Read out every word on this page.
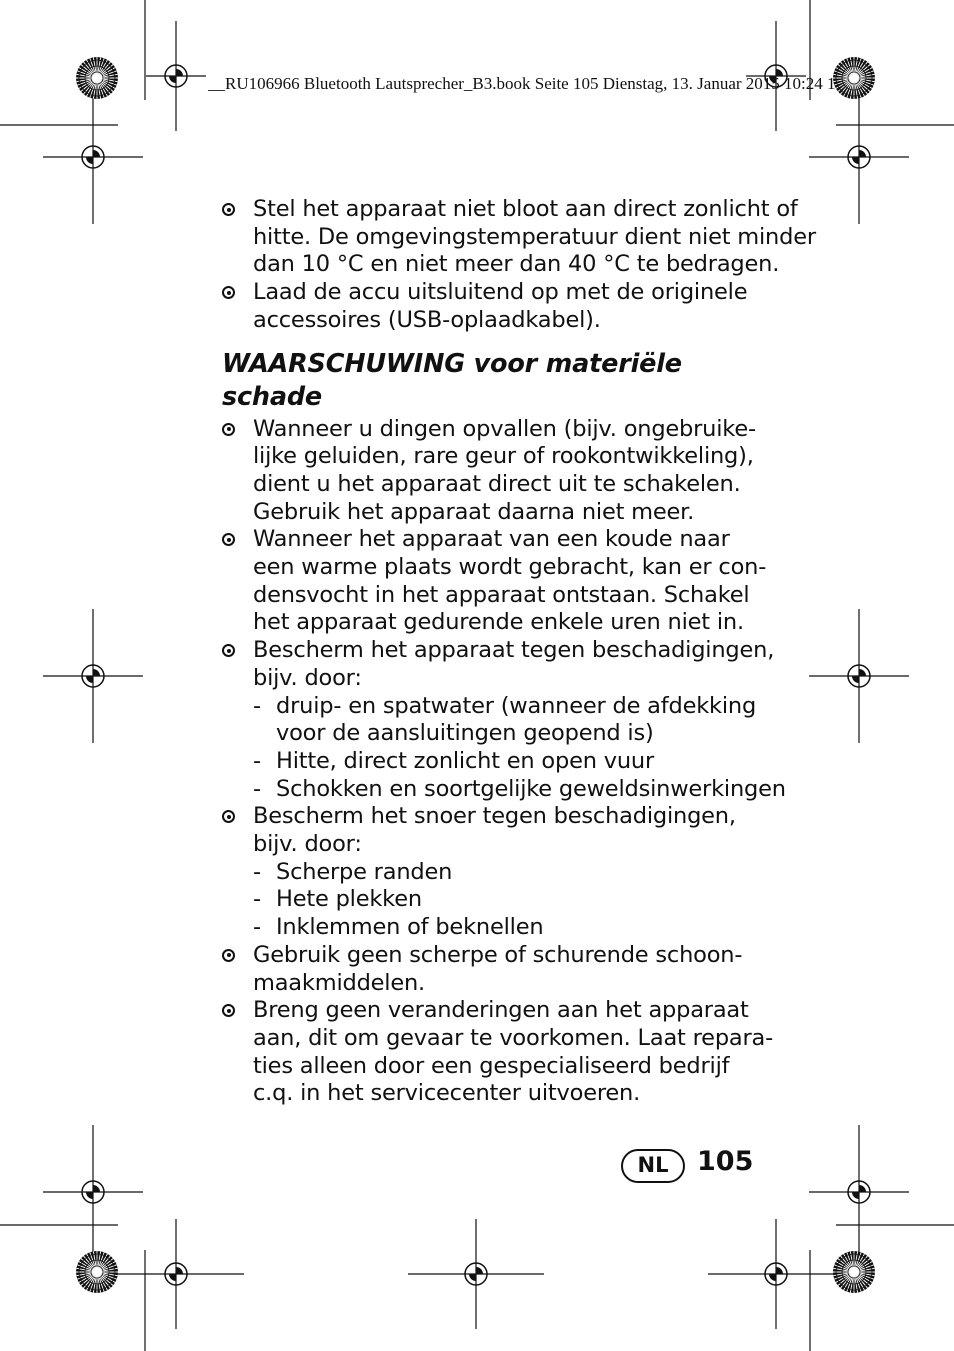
__RU106966 Bluetooth Lautsprecher_B3.book Seite 105 Dienstag, 13. Januar 2015 10:24 1
Stel het apparaat niet bloot aan direct zonlicht of
hitte. De omgevingstemperatuur dient niet minder
dan 10 °C en niet meer dan 40 °C te bedragen.
Laad de accu uitsluitend op met de originele
accessoires (USB-oplaadkabel).
WAARSCHUWING voor materiële
schade
Wanneer u dingen opvallen (bijv. ongebruike-
lijke geluiden, rare geur of rookontwikkeling),
dient u het apparaat direct uit te schakelen.
Gebruik het apparaat daarna niet meer.
Wanneer het apparaat van een koude naar
een warme plaats wordt gebracht, kan er con-
densvocht in het apparaat ontstaan. Schakel
het apparaat gedurende enkele uren niet in.
Bescherm het apparaat tegen beschadigingen,
bijv. door:
- druip- en spatwater (wanneer de afdekking
voor de aansluitingen geopend is)
- Hitte, direct zonlicht en open vuur
- Schokken en soortgelijke geweldsinwerkingen
Bescherm het snoer tegen beschadigingen,
bijv. door:
- Scherpe randen
- Hete plekken
- Inklemmen of beknellen
Gebruik geen scherpe of schurende schoon-
maakmiddelen.
Breng geen veranderingen aan het apparaat
aan, dit om gevaar te voorkomen. Laat repara-
ties alleen door een gespecialiseerd bedrijf
c.q. in het servicecenter uitvoeren.
NL	105
